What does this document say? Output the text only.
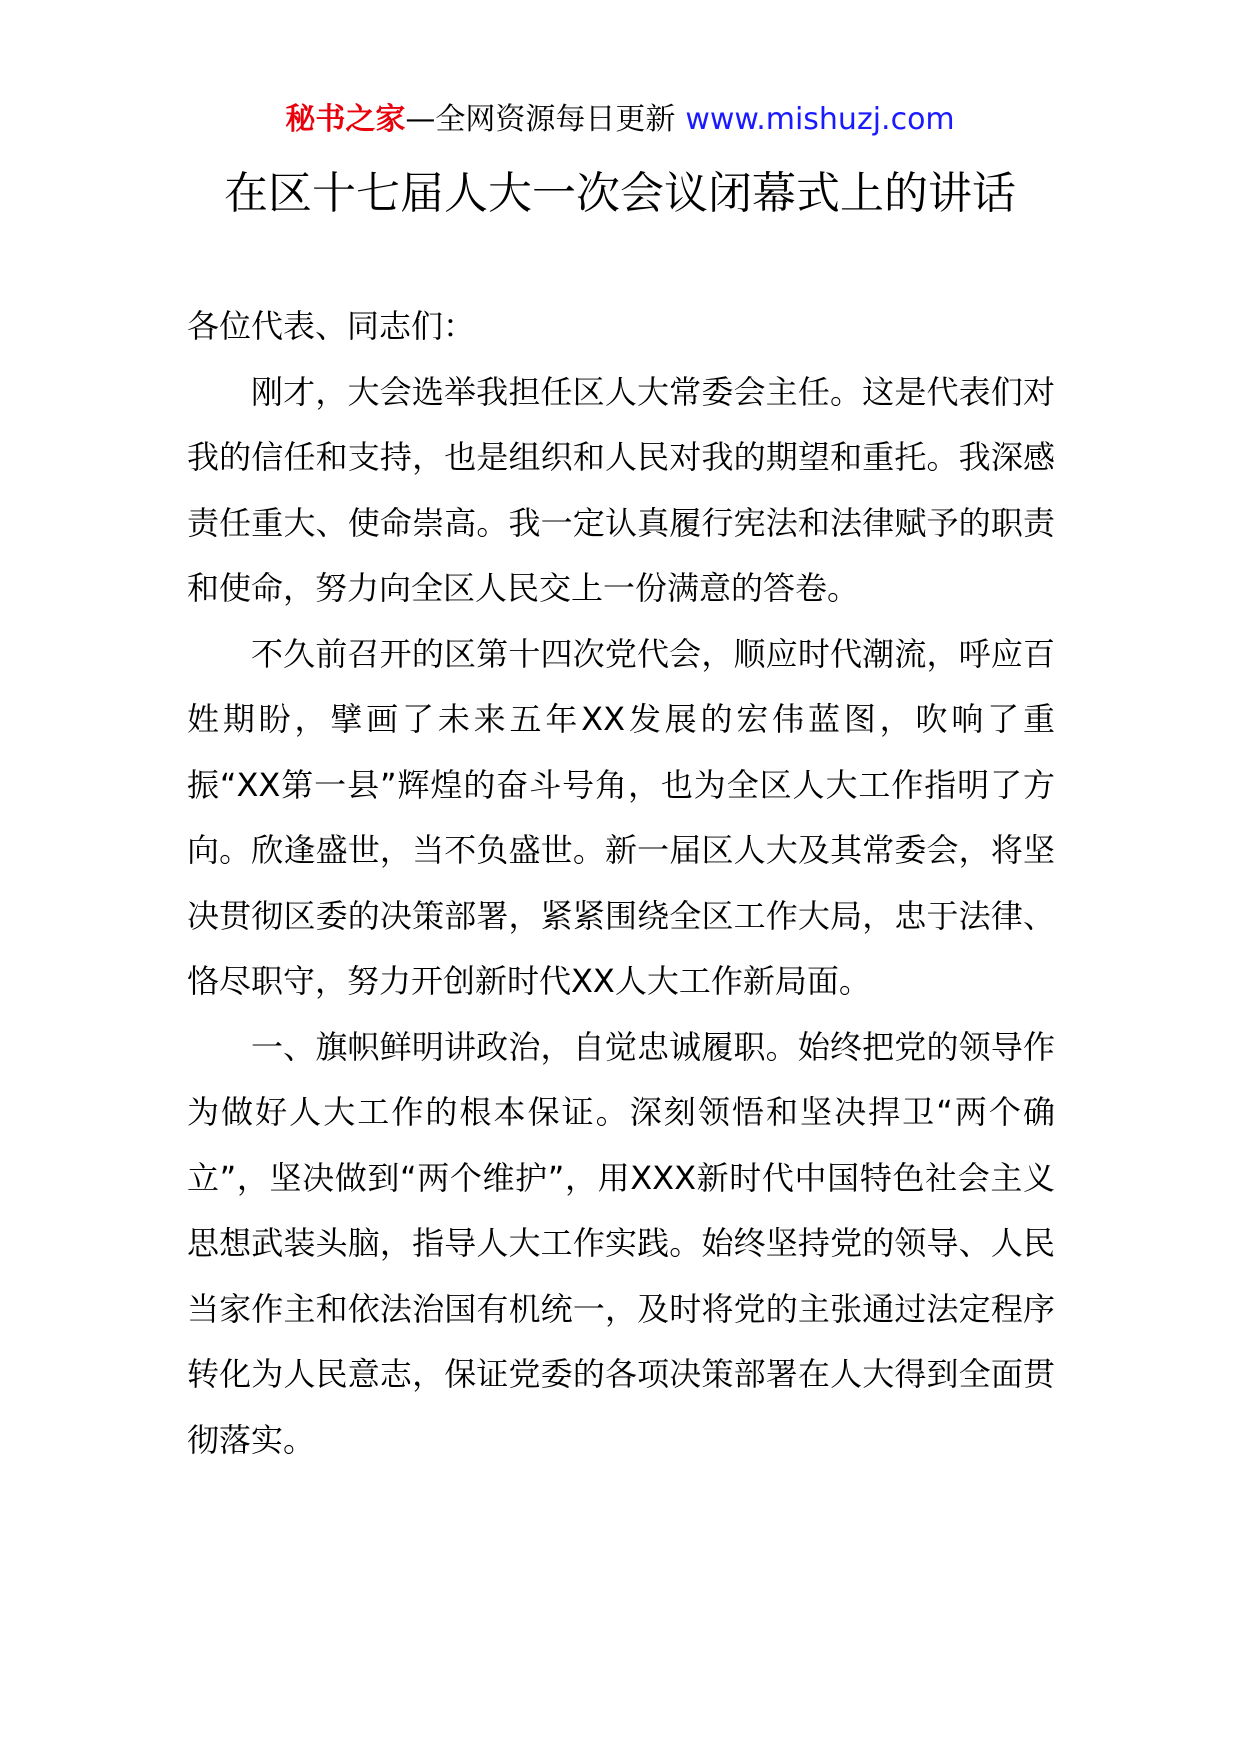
秘书之家—全网资源每日更新 www.mishuzj.com
在区十七届人大一次会议闭幕式上的讲话

各位代表、同志们：

刚才，大会选举我担任区人大常委会主任。这是代表们对我的信任和支持，也是组织和人民对我的期望和重托。我深感责任重大、使命崇高。我一定认真履行宪法和法律赋予的职责和使命，努力向全区人民交上一份满意的答卷。

不久前召开的区第十四次党代会，顺应时代潮流，呼应百姓期盼，擘画了未来五年XX发展的宏伟蓝图，吹响了重振“XX第一县”辉煌的奋斗号角，也为全区人大工作指明了方向。欣逢盛世，当不负盛世。新一届区人大及其常委会，将坚决贯彻区委的决策部署，紧紧围绕全区工作大局，忠于法律、恪尽职守，努力开创新时代XX人大工作新局面。

一、旗帜鲜明讲政治，自觉忠诚履职。始终把党的领导作为做好人大工作的根本保证。深刻领悟和坚决捍卫“两个确立”，坚决做到“两个维护”，用XXX新时代中国特色社会主义思想武装头脑，指导人大工作实践。始终坚持党的领导、人民当家作主和依法治国有机统一，及时将党的主张通过法定程序转化为人民意志，保证党委的各项决策部署在人大得到全面贯彻落实。
